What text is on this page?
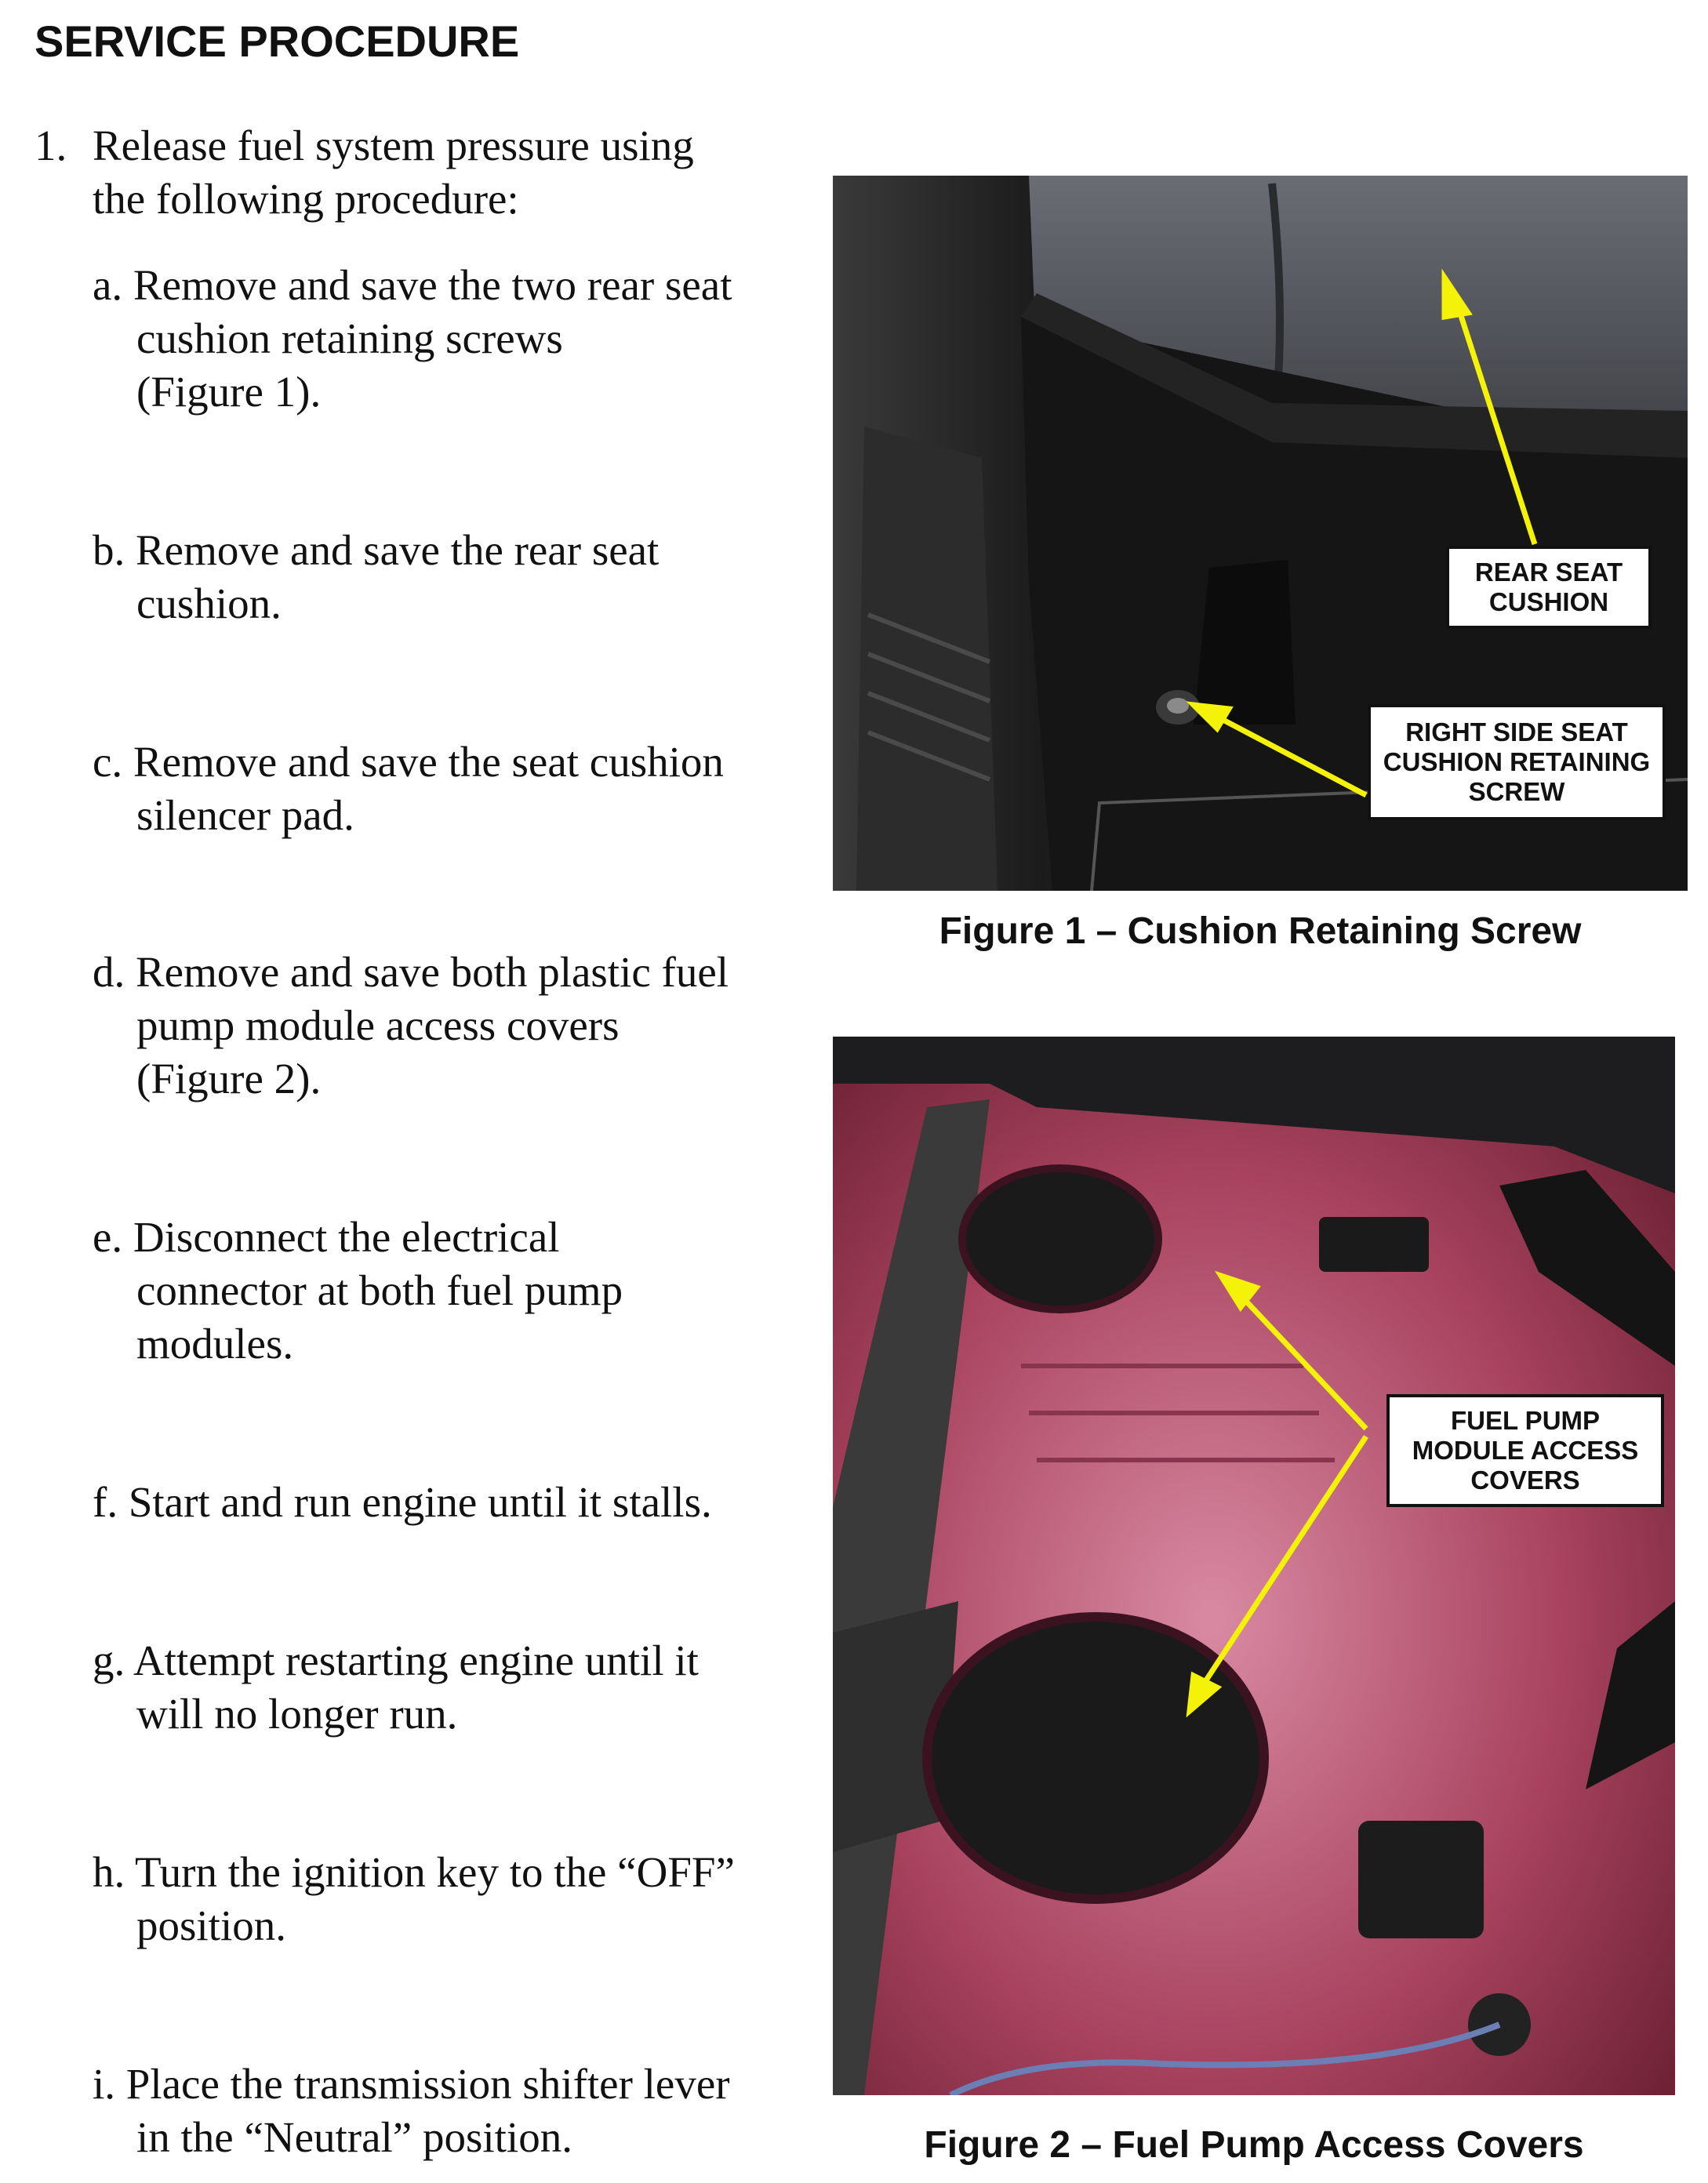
SERVICE PROCEDURE
1. Release fuel system pressure using
the following procedure:
a. Remove and save the two rear seat
cushion retaining screws
(Figure 1).
b. Remove and save the rear seat
cushion.
c. Remove and save the seat cushion
silencer pad.
d. Remove and save both plastic fuel
pump module access covers
(Figure 2).
e. Disconnect the electrical
connector at both fuel pump
modules.
f. Start and run engine until it stalls.
g. Attempt restarting engine until it
will no longer run.
h. Turn the ignition key to the “OFF”
position.
i. Place the transmission shifter lever
in the “Neutral” position.
REAR SEAT
CUSHION
RIGHT SIDE SEAT
CUSHION RETAINING
SCREW
Figure 1 – Cushion Retaining Screw
FUEL PUMP
MODULE ACCESS
COVERS
Figure 2 – Fuel Pump Access Covers
